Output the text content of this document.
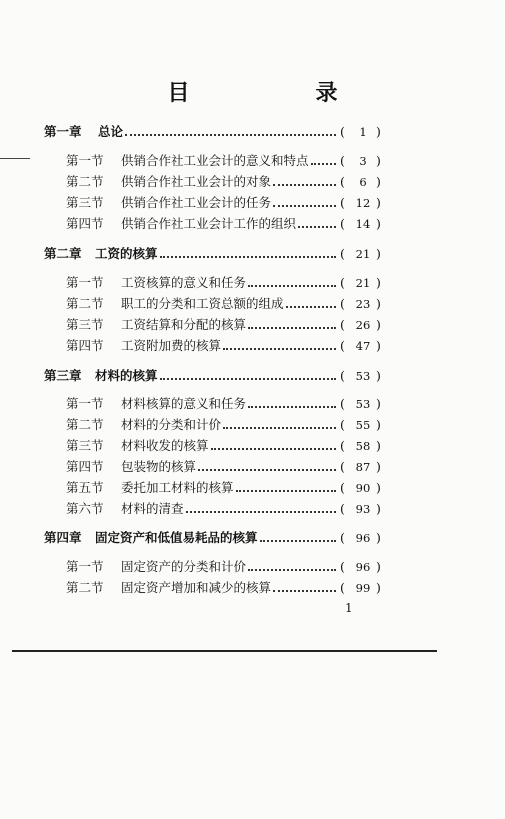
目　录
第一章 总论	(	1 )
第一节 供销合作社工业会计的意义和特点	(	3 )
第二节 供销合作社工业会计的对象	(	6 )
第三节 供销合作社工业会计的任务	( 12 )
第四节 供销合作社工业会计工作的组织	( 14 )
第二章 工资的核算	( 21 )
第一节 工资核算的意义和任务	( 21 )
第二节 职工的分类和工资总额的组成	( 23 )
第三节 工资结算和分配的核算	( 26 )
第四节 工资附加费的核算	( 47 )
第三章 材料的核算	( 53 )
第一节 材料核算的意义和任务	( 53 )
第二节 材料的分类和计价	( 55 )
第三节 材料收发的核算	( 58 )
第四节 包装物的核算	( 87 )
第五节 委托加工材料的核算	( 90 )
第六节 材料的清查	( 93 )
第四章 固定资产和低值易耗品的核算	( 96 )
第一节 固定资产的分类和计价	( 96 )
第二节 固定资产增加和减少的核算	( 99 )
1
